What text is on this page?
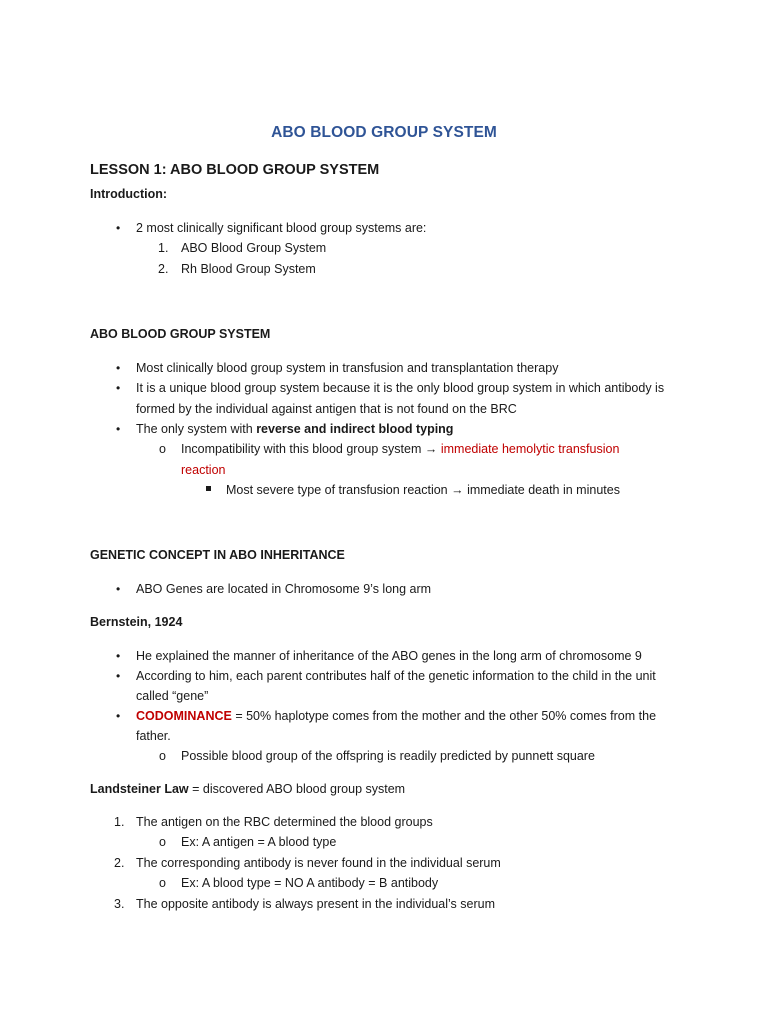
ABO BLOOD GROUP SYSTEM
LESSON 1: ABO BLOOD GROUP SYSTEM
Introduction:
• 2 most clinically significant blood group systems are:
1. ABO Blood Group System
2. Rh Blood Group System
ABO BLOOD GROUP SYSTEM
• Most clinically blood group system in transfusion and transplantation therapy
• It is a unique blood group system because it is the only blood group system in which antibody is
formed by the individual against antigen that is not found on the BRC
• The only system with reverse and indirect blood typing
o Incompatibility with this blood group system → immediate hemolytic transfusion
reaction
Most severe type of transfusion reaction → immediate death in minutes
GENETIC CONCEPT IN ABO INHERITANCE
• ABO Genes are located in Chromosome 9’s long arm
Bernstein, 1924
• He explained the manner of inheritance of the ABO genes in the long arm of chromosome 9
• According to him, each parent contributes half of the genetic information to the child in the unit
called “gene”
• CODOMINANCE = 50% haplotype comes from the mother and the other 50% comes from the
father.
o Possible blood group of the offspring is readily predicted by punnett square
Landsteiner Law = discovered ABO blood group system
1. The antigen on the RBC determined the blood groups
o Ex: A antigen = A blood type
2. The corresponding antibody is never found in the individual serum
o Ex: A blood type = NO A antibody = B antibody
3. The opposite antibody is always present in the individual’s serum
